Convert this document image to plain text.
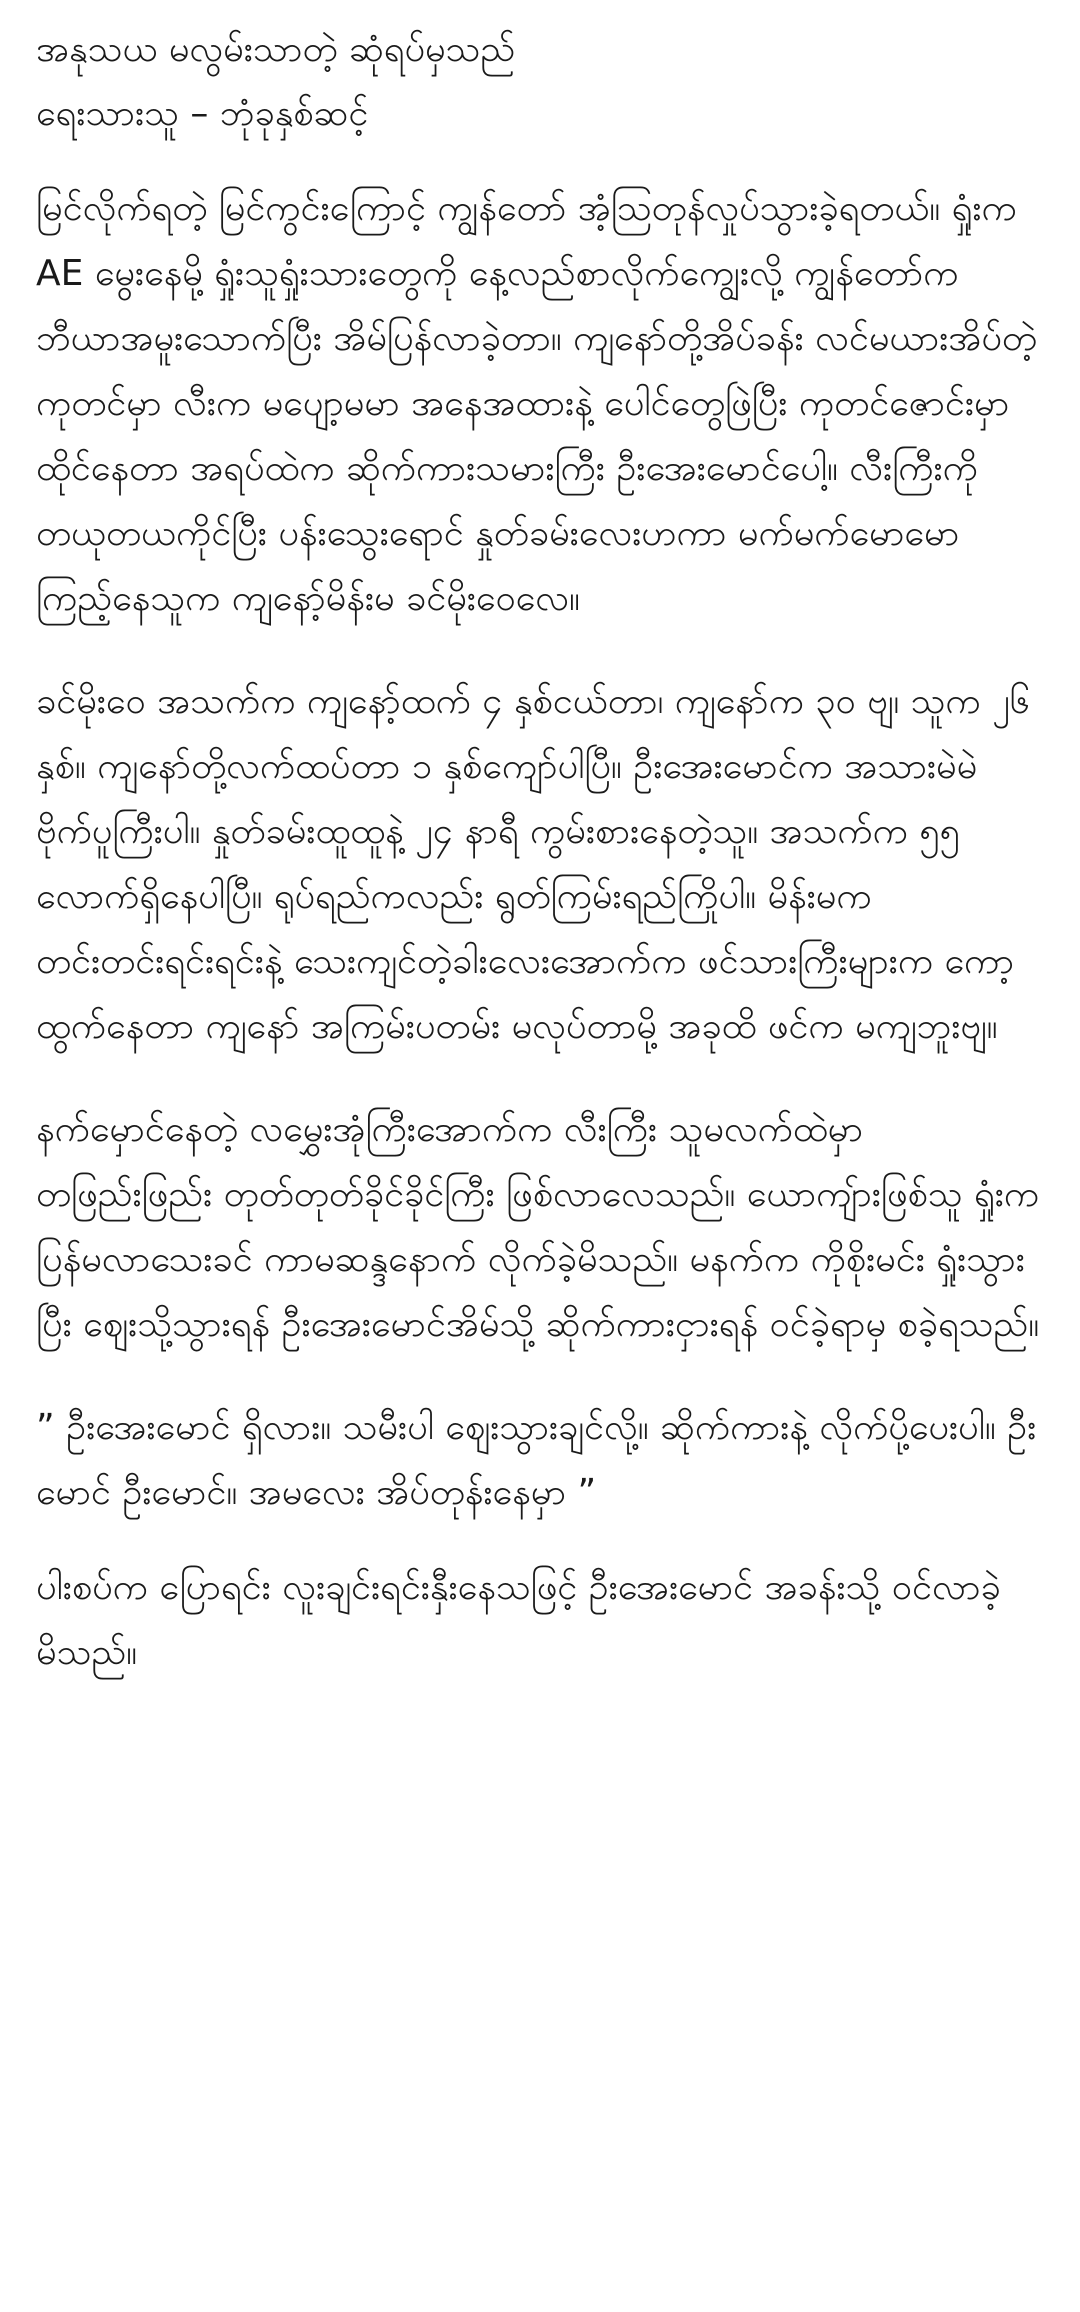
အနုသယ မလွမ်းသာတဲ့ ဆုံရပ်မှသည်

ရေးသားသူ – ဘုံခုနှစ်ဆင့်

မြင်လိုက်ရတဲ့ မြင်ကွင်းကြောင့် ကျွန်တော် အံ့ဩတုန်လှုပ်သွားခဲ့ရတယ်။ ရှုံးက AE မွေးနေမို့ ရှုံးသူရှုံးသားတွေကို နေ့လည်စာလိုက်ကျွေးလို့ ကျွန်တော်က ဘီယာအမူးသောက်ပြီး အိမ်ပြန်လာခဲ့တာ။ ကျနော်တို့အိပ်ခန်း လင်မယားအိပ်တဲ့ကုတင်မှာ လီးက မပျော့မမာ အနေအထားနဲ့ ပေါင်တွေဖြဲပြီး ကုတင်ဇောင်းမှာ ထိုင်နေတာ အရပ်ထဲက ဆိုက်ကားသမားကြီး ဦးအေးမောင်ပေါ့။ လီးကြီးကို တယုတယကိုင်ပြီး ပန်းသွေးရောင် နှုတ်ခမ်းလေးဟကာ မက်မက်မောမော ကြည့်နေသူက ကျနော့်မိန်းမ ခင်မိုးဝေလေ။

ခင်မိုးဝေ အသက်က ကျနော့်ထက် ၄ နှစ်ငယ်တာ၊ ကျနော်က ၃၀ ဗျ၊ သူက ၂၆ နှစ်။ ကျနော်တို့လက်ထပ်တာ ၁ နှစ်ကျော်ပါပြီ။ ဦးအေးမောင်က အသားမဲမဲ ဗိုက်ပူကြီးပါ။ နှုတ်ခမ်းထူထူနဲ့ ၂၄ နာရီ ကွမ်းစားနေတဲ့သူ။ အသက်က ၅၅ လောက်ရှိနေပါပြီ။ ရုပ်ရည်ကလည်း ရွတ်ကြမ်းရည်ကြိုပါ။ မိန်းမက တင်းတင်းရင်းရင်းနဲ့ သေးကျင်တဲ့ခါးလေးအောက်က ဖင်သားကြီးများက ကော့ထွက်နေတာ ကျနော် အကြမ်းပတမ်း မလုပ်တာမို့ အခုထိ ဖင်က မကျဘူးဗျ။

နက်မှောင်နေတဲ့ လမွှေးအုံကြီးအောက်က လီးကြီး သူမလက်ထဲမှာ တဖြည်းဖြည်း တုတ်တုတ်ခိုင်ခိုင်ကြီး ဖြစ်လာလေသည်။ ယောကျ်ားဖြစ်သူ ရှုံးက ပြန်မလာသေးခင် ကာမဆန္ဒနောက် လိုက်ခဲ့မိသည်။ မနက်က ကိုစိုးမင်း ရှုံးသွားပြီး ဈေးသို့သွားရန် ဦးအေးမောင်အိမ်သို့ ဆိုက်ကားငှားရန် ဝင်ခဲ့ရာမှ စခဲ့ရသည်။

” ဦးအေးမောင် ရှိလား။ သမီးပါ ဈေးသွားချင်လို့။ ဆိုက်ကားနဲ့ လိုက်ပို့ပေးပါ။ ဦးမောင် ဦးမောင်။ အမလေး အိပ်တုန်းနေမှာ ”

ပါးစပ်က ပြောရင်း လူးချင်းရင်းနှီးနေသဖြင့် ဦးအေးမောင် အခန်းသို့ ဝင်လာခဲ့မိသည်။
